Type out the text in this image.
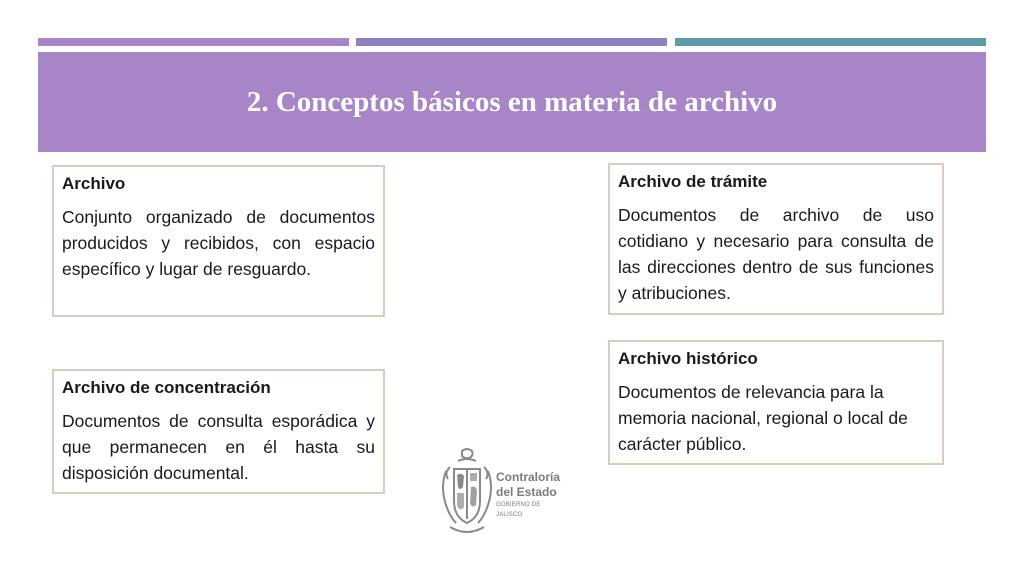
2. Conceptos básicos en materia de archivo

Archivo

Conjunto organizado de documentos producidos y recibidos, con espacio específico y lugar de resguardo.

Archivo de concentración

Documentos de consulta esporádica y que permanecen en él hasta su disposición documental.

Archivo de trámite

Documentos de archivo de uso cotidiano y necesario para consulta de las direcciones dentro de sus funciones y atribuciones.

Archivo histórico

Documentos de relevancia para la memoria nacional, regional o local de carácter público.

Contraloría
del Estado
GOBIERNO DE JALISCO
